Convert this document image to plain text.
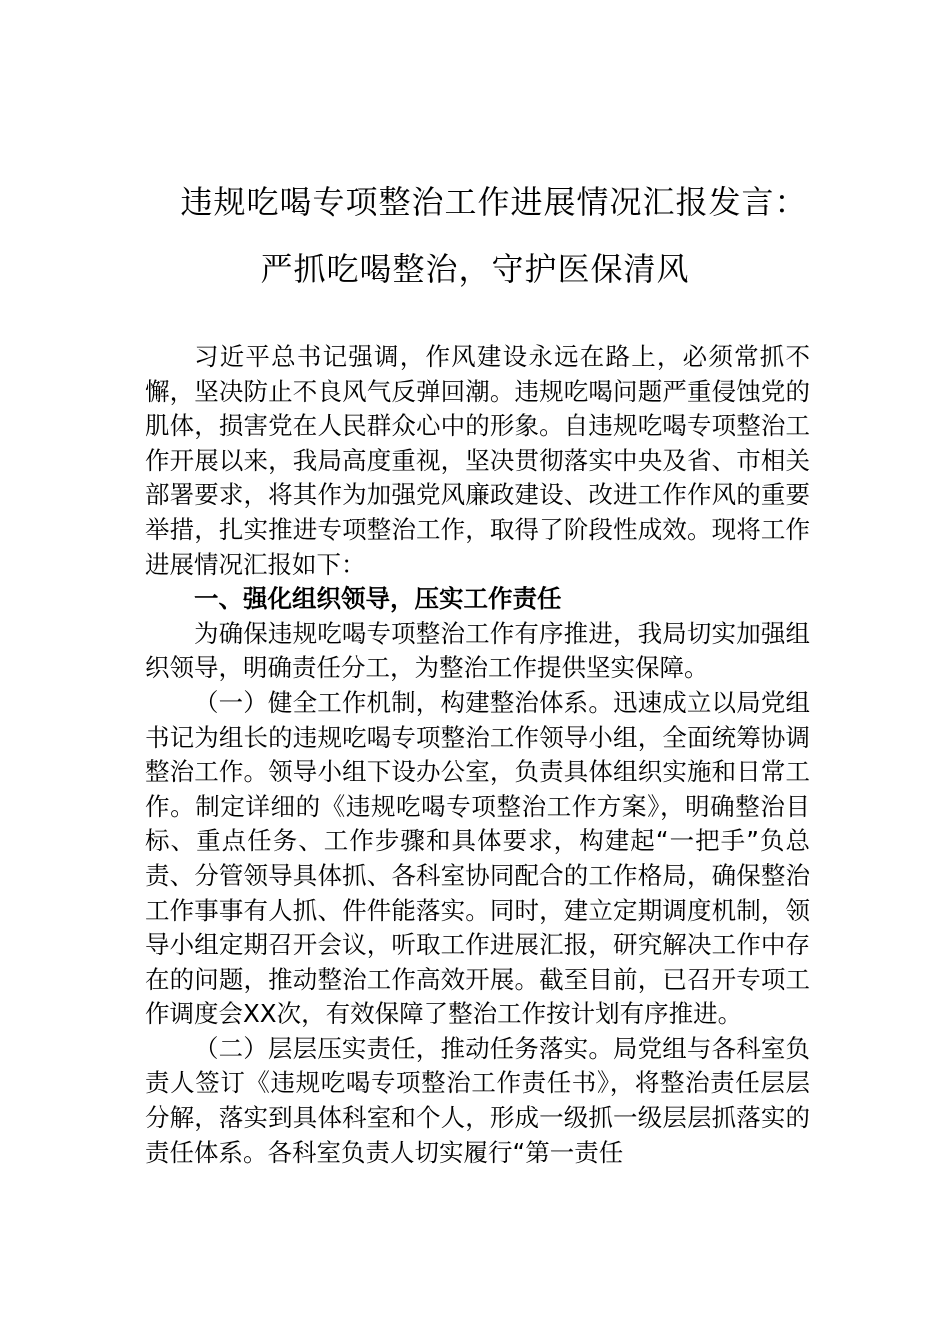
违规吃喝专项整治工作进展情况汇报发言：
严抓吃喝整治，守护医保清风

习近平总书记强调，作风建设永远在路上，必须常抓不懈，坚决防止不良风气反弹回潮。违规吃喝问题严重侵蚀党的肌体，损害党在人民群众心中的形象。自违规吃喝专项整治工作开展以来，我局高度重视，坚决贯彻落实中央及省、市相关部署要求，将其作为加强党风廉政建设、改进工作作风的重要举措，扎实推进专项整治工作，取得了阶段性成效。现将工作进展情况汇报如下：

一、强化组织领导，压实工作责任

为确保违规吃喝专项整治工作有序推进，我局切实加强组织领导，明确责任分工，为整治工作提供坚实保障。

（一）健全工作机制，构建整治体系。迅速成立以局党组书记为组长的违规吃喝专项整治工作领导小组，全面统筹协调整治工作。领导小组下设办公室，负责具体组织实施和日常工作。制定详细的《违规吃喝专项整治工作方案》，明确整治目标、重点任务、工作步骤和具体要求，构建起“一把手”负总责、分管领导具体抓、各科室协同配合的工作格局，确保整治工作事事有人抓、件件能落实。同时，建立定期调度机制，领导小组定期召开会议，听取工作进展汇报，研究解决工作中存在的问题，推动整治工作高效开展。截至目前，已召开专项工作调度会XX次，有效保障了整治工作按计划有序推进。

（二）层层压实责任，推动任务落实。局党组与各科室负责人签订《违规吃喝专项整治工作责任书》，将整治责任层层分解，落实到具体科室和个人，形成一级抓一级层层抓落实的责任体系。各科室负责人切实履行“第一责任
